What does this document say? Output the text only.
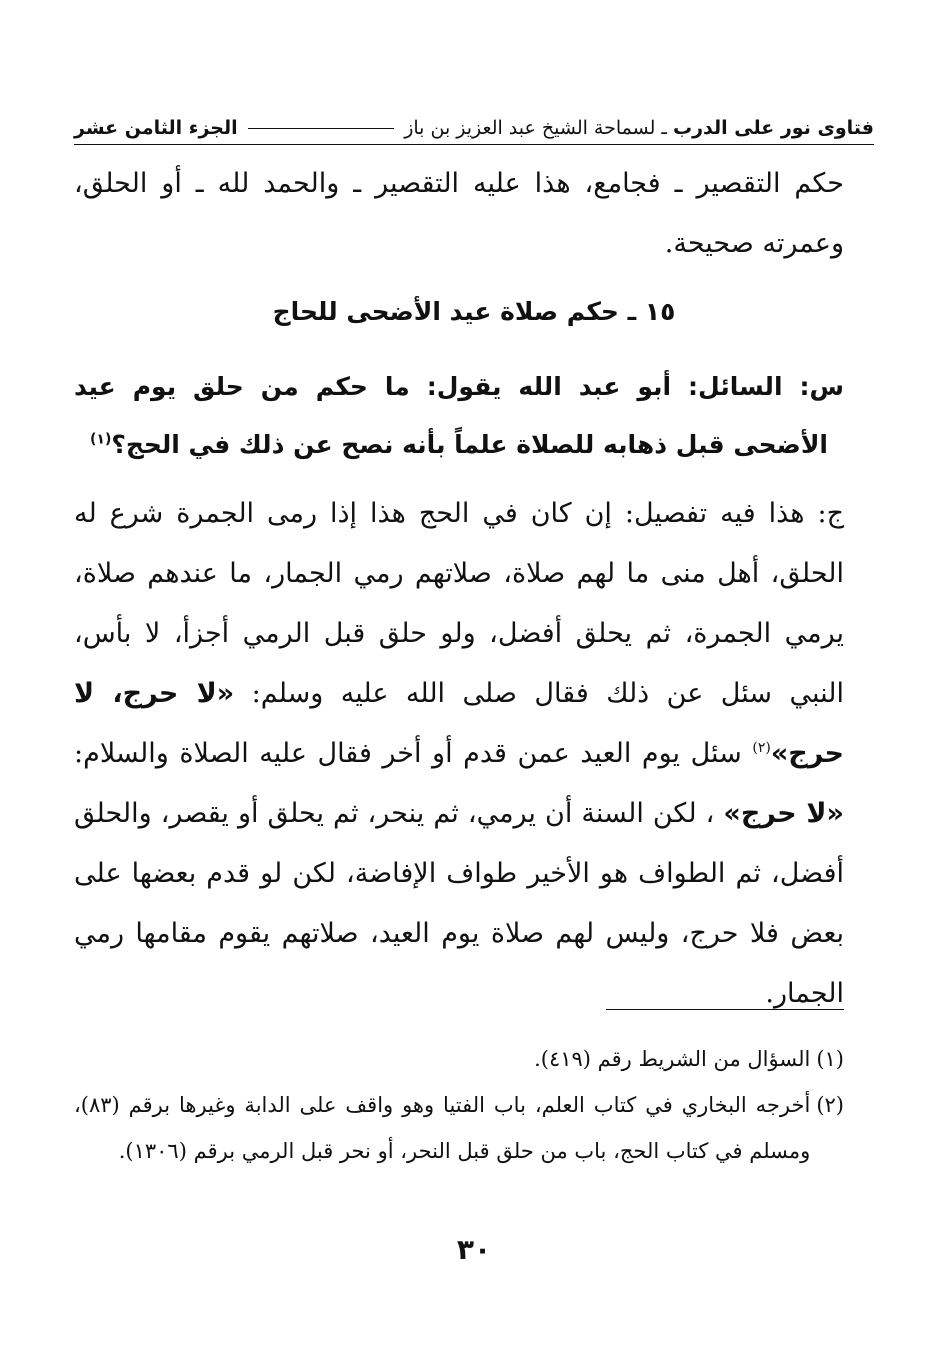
فتاوى نور على الدرب
ـ لسماحة الشيخ عبد العزيز بن باز
الجزء الثامن عشر

حكم التقصير ـ فجامع، هذا عليه التقصير ـ والحمد لله ـ أو الحلق، وعمرته صحيحة.

١٥ ـ حكم صلاة عيد الأضحى للحاج

س: السائل: أبو عبد الله يقول: ما حكم من حلق يوم عيد الأضحى قبل ذهابه للصلاة علماً بأنه نصح عن ذلك في الحج؟$^{(١)}$

ج: هذا فيه تفصيل: إن كان في الحج هذا إذا رمى الجمرة شرع له الحلق، أهل منى ما لهم صلاة، صلاتهم رمي الجمار، ما عندهم صلاة، يرمي الجمرة، ثم يحلق أفضل، ولو حلق قبل الرمي أجزأ، لا بأس، النبي سئل عن ذلك فقال صلى الله عليه وسلم: «لا حرج، لا حرج»$^{(٢)}$ سئل يوم العيد عمن قدم أو أخر فقال عليه الصلاة والسلام: «لا حرج» ، لكن السنة أن يرمي، ثم ينحر، ثم يحلق أو يقصر، والحلق أفضل، ثم الطواف هو الأخير طواف الإفاضة، لكن لو قدم بعضها على بعض فلا حرج، وليس لهم صلاة يوم العيد، صلاتهم يقوم مقامها رمي الجمار.

(١)
السؤال من الشريط رقم (٤١٩).
(٢)
أخرجه البخاري في كتاب العلم، باب الفتيا وهو واقف على الدابة وغيرها برقم (٨٣)، ومسلم في كتاب الحج، باب من حلق قبل النحر، أو نحر قبل الرمي برقم (١٣٠٦).
٣٠
